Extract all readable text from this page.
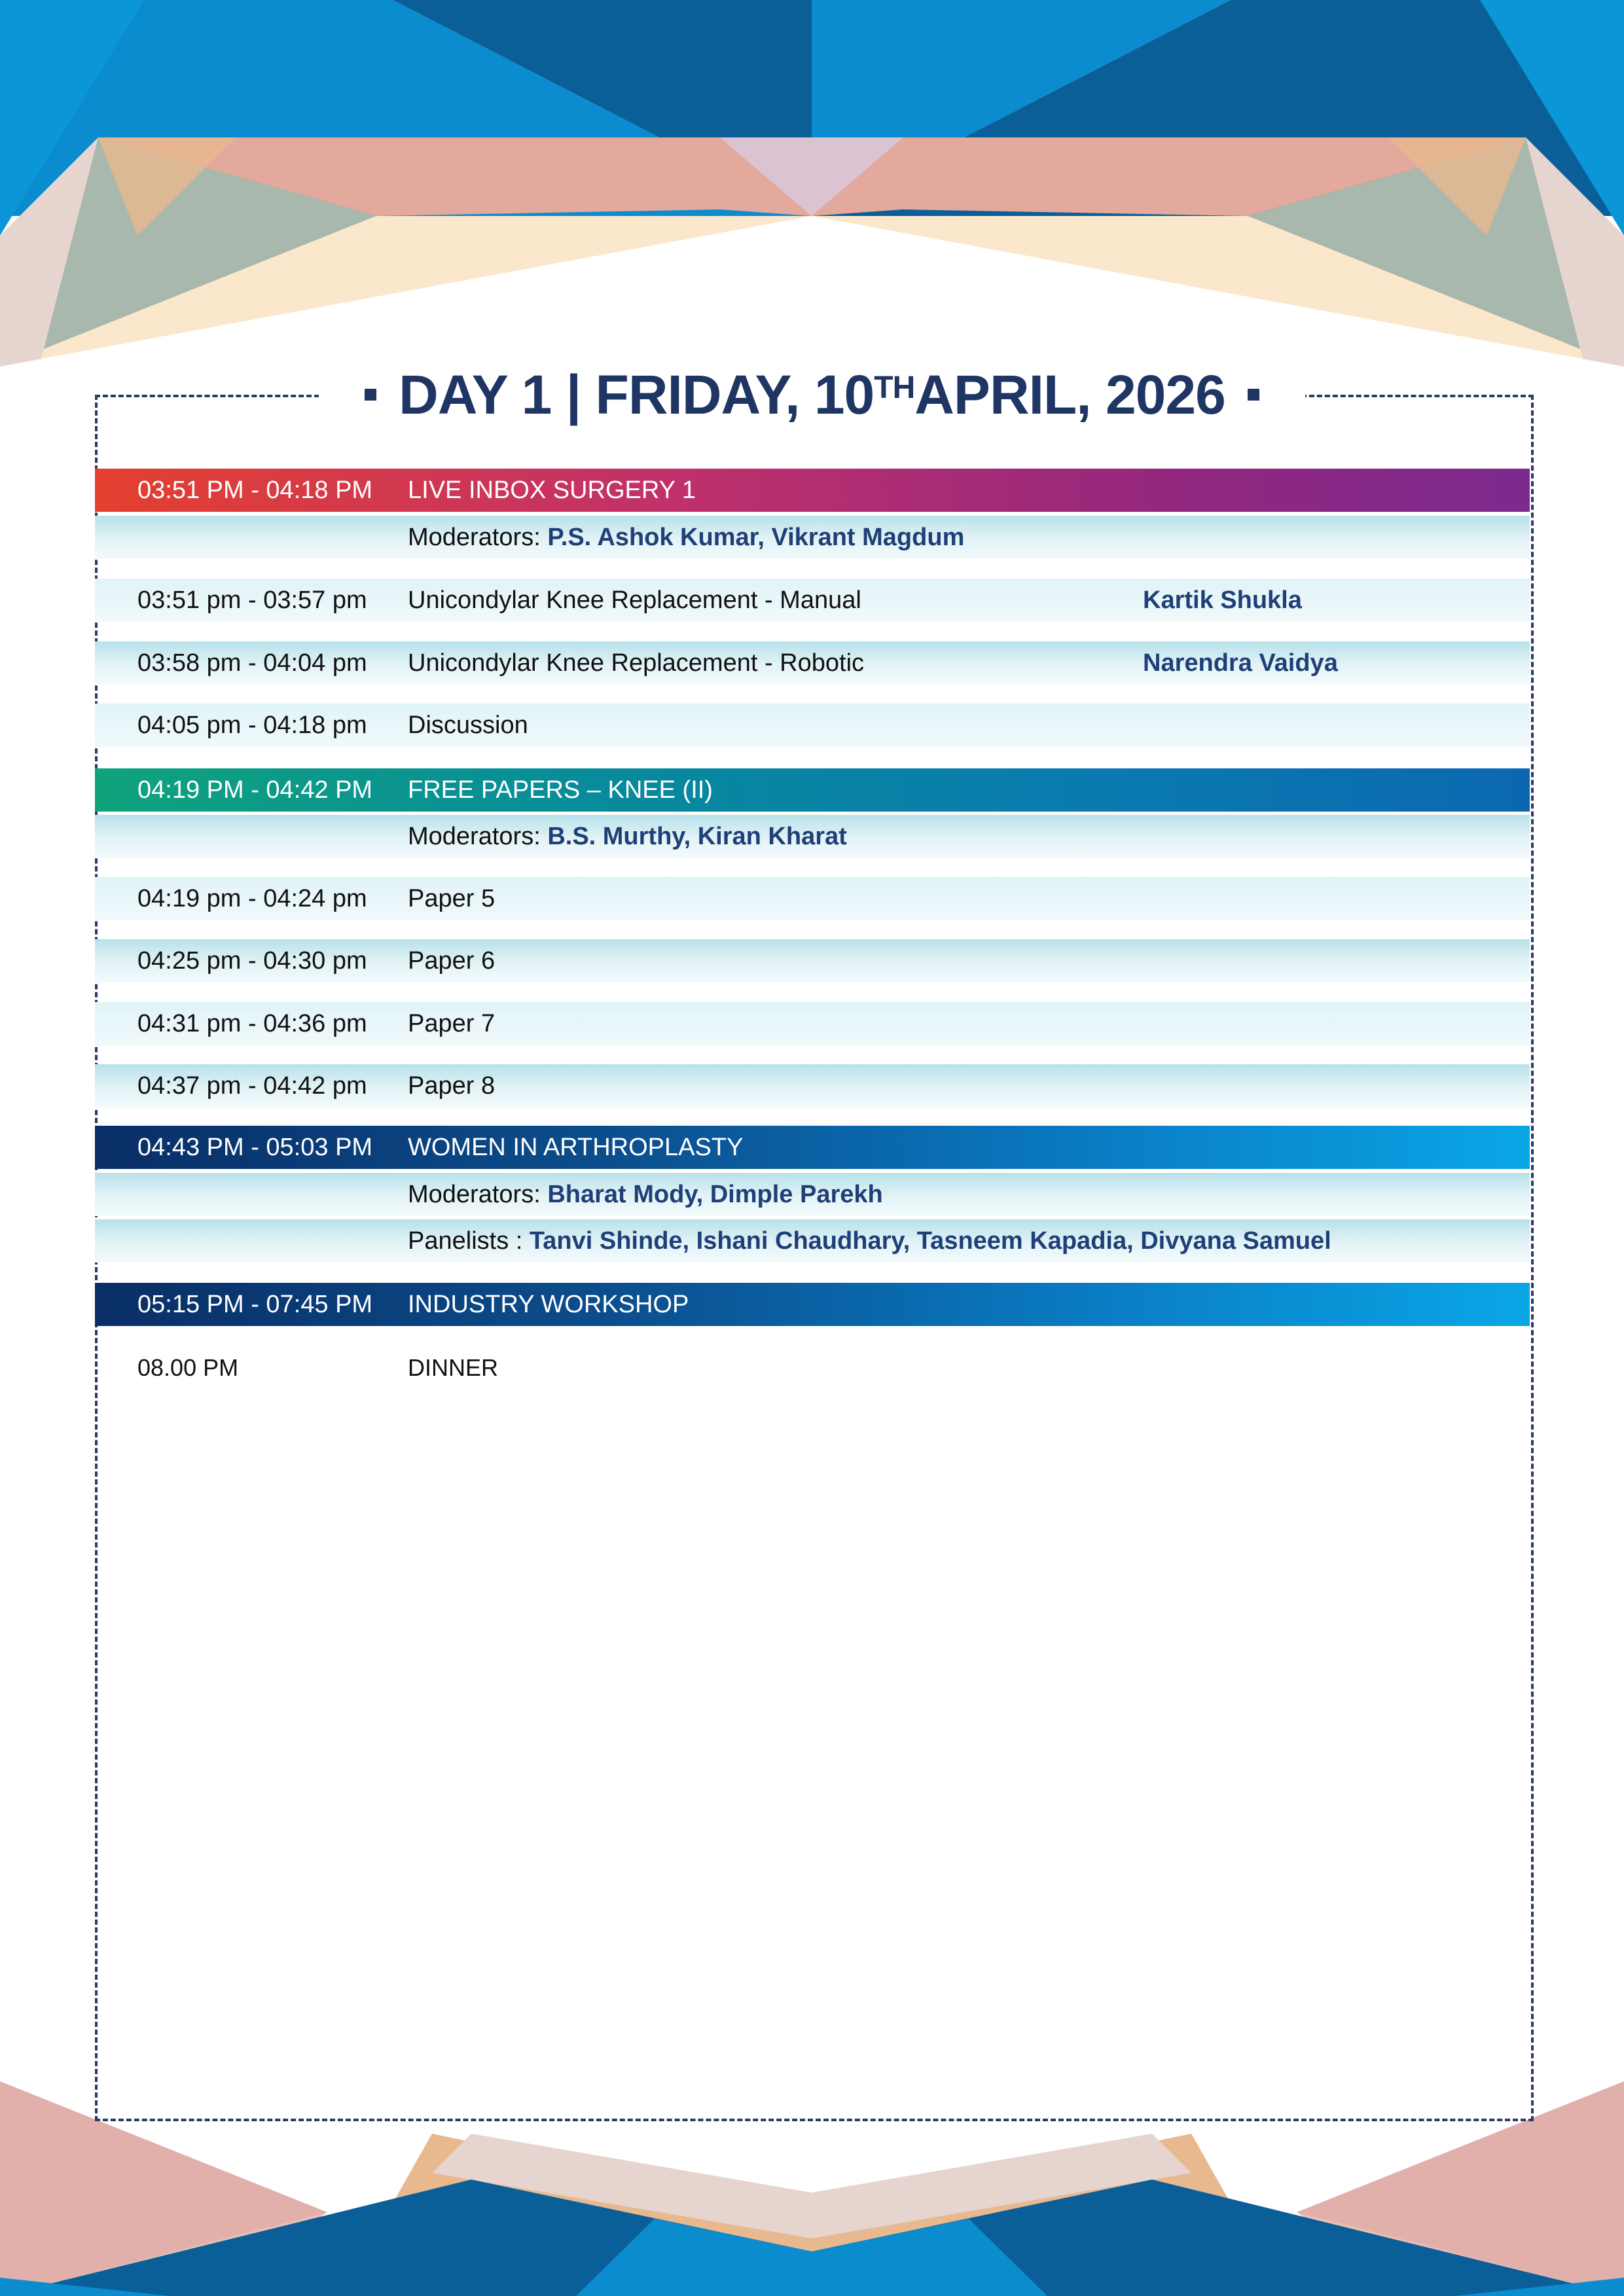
DAY 1 | FRIDAY, 10TH APRIL, 2026
03:51 PM - 04:18 PM LIVE INBOX SURGERY 1
Moderators: P.S. Ashok Kumar, Vikrant Magdum
03:51 pm - 03:57 pm Unicondylar Knee Replacement - Manual	Kartik Shukla
03:58 pm - 04:04 pm Unicondylar Knee Replacement - Robotic	Narendra Vaidya
04:05 pm - 04:18 pm Discussion
04:19 PM - 04:42 PM FREE PAPERS – KNEE (II)
Moderators: B.S. Murthy, Kiran Kharat
04:19 pm - 04:24 pm Paper 5
04:25 pm - 04:30 pm Paper 6
04:31 pm - 04:36 pm Paper 7
04:37 pm - 04:42 pm Paper 8
04:43 PM - 05:03 PM WOMEN IN ARTHROPLASTY
Moderators: Bharat Mody, Dimple Parekh
Panelists : Tanvi Shinde, Ishani Chaudhary, Tasneem Kapadia, Divyana Samuel
05:15 PM - 07:45 PM INDUSTRY WORKSHOP
08.00 PM	DINNER
